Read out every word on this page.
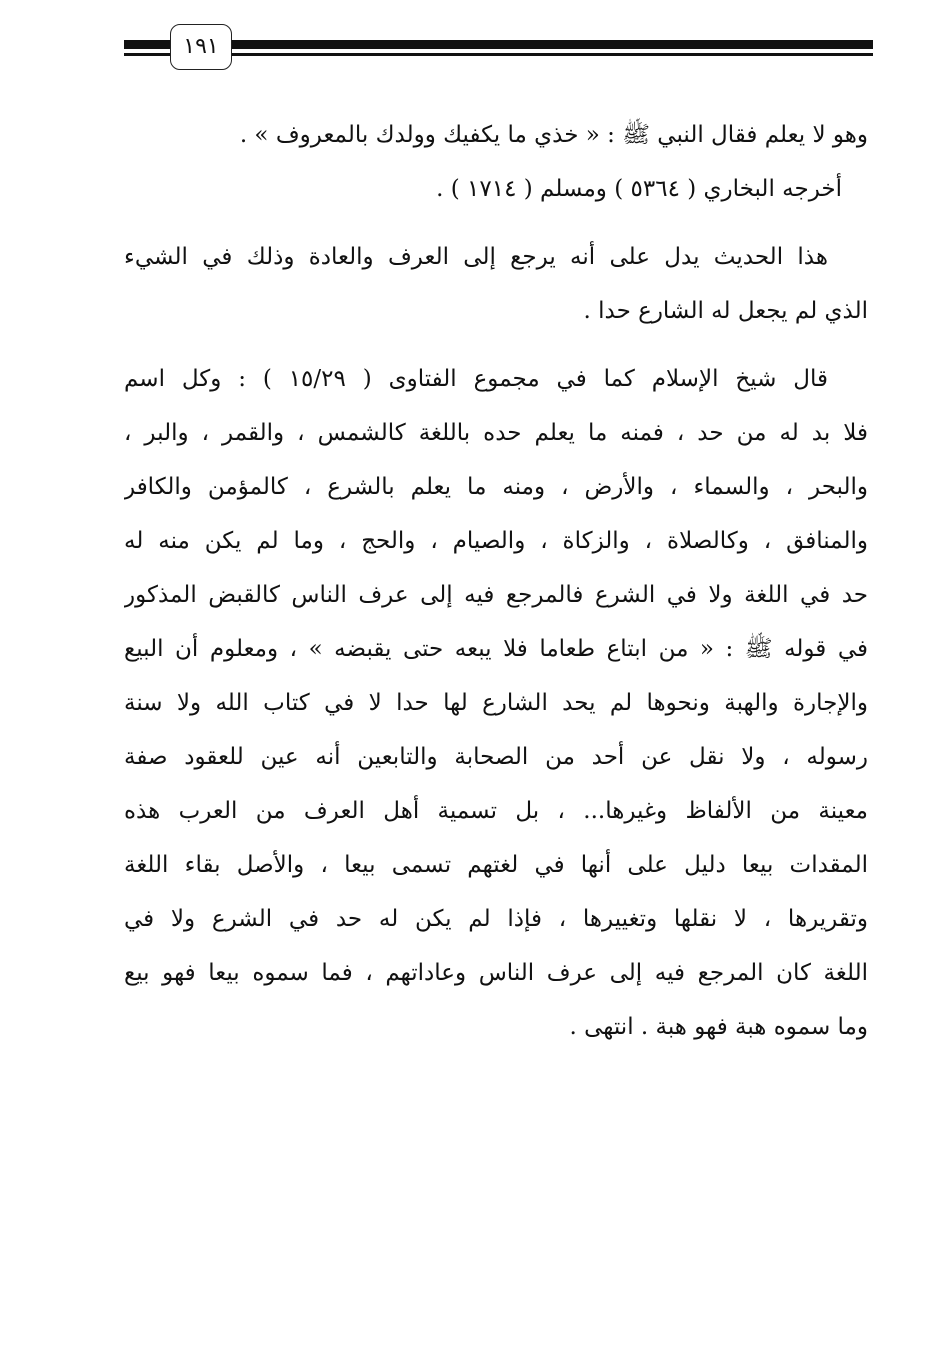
١٩١
وهو لا يعلم فقال النبي ﷺ : « خذي ما يكفيك وولدك بالمعروف » .
أخرجه البخاري ( ٥٣٦٤ ) ومسلم ( ١٧١٤ ) .
هذا الحديث يدل على أنه يرجع إلى العرف والعادة وذلك في الشيء
الذي لم يجعل له الشارع حدا .
قال شيخ الإسلام كما في مجموع الفتاوى ( ١٥/٢٩ ) : وكل اسم
فلا بد له من حد ، فمنه ما يعلم حده باللغة كالشمس ، والقمر ، والبر ،
والبحر ، والسماء ، والأرض ، ومنه ما يعلم بالشرع ، كالمؤمن والكافر
والمنافق ، وكالصلاة ، والزكاة ، والصيام ، والحج ، وما لم يكن منه له
حد في اللغة ولا في الشرع فالمرجع فيه إلى عرف الناس كالقبض المذكور
في قوله ﷺ : « من ابتاع طعاما فلا يبعه حتى يقبضه » ، ومعلوم أن البيع
والإجارة والهبة ونحوها لم يحد الشارع لها حدا لا في كتاب الله ولا سنة
رسوله ، ولا نقل عن أحد من الصحابة والتابعين أنه عين للعقود صفة
معينة من الألفاظ وغيرها... ، بل تسمية أهل العرف من العرب هذه
المقدات بيعا دليل على أنها في لغتهم تسمى بيعا ، والأصل بقاء اللغة
وتقريرها ، لا نقلها وتغييرها ، فإذا لم يكن له حد في الشرع ولا في
اللغة كان المرجع فيه إلى عرف الناس وعاداتهم ، فما سموه بيعا فهو بيع
وما سموه هبة فهو هبة . انتهى .
